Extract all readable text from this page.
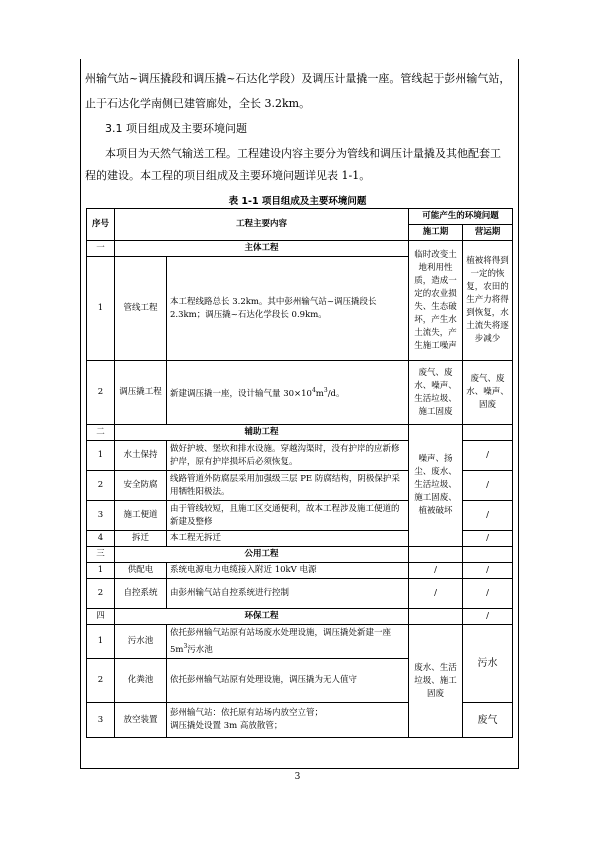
州输气站~调压撬段和调压撬~石达化学段）及调压计量撬一座。管线起于彭州输气站，
止于石达化学南侧已建管廊处，全长 3.2km。
3.1 项目组成及主要环境问题
本项目为天然气输送工程。工程建设内容主要分为管线和调压计量撬及其他配套工
程的建设。本工程的项目组成及主要环境问题详见表 1-1。
表 1-1 项目组成及主要环境问题
序号	工程主要内容		可能产生的环境问题	
			施工期	营运期
一	主体工程		临时改变土地利用性质，造成一定的农业损失、生态破坏，产生水土流失，产生施工噪声	植被将得到一定的恢复，农田的生产力将得到恢复，水土流失将逐步减少
1	管线工程	本工程线路总长 3.2km。其中彭州输气站~调压撬段长 2.3km；调压撬~石达化学段长 0.9km。		

2	调压撬工程	新建调压撬一座，设计输气量 $30\times 10^4m^3/d$。	废气、废水、噪声、生活垃圾、施工固废	废气、废水、噪声、固废
二	辅助工程		噪声、扬尘、废水、生活垃圾、施工固废、植被破坏	
1	水土保持	做好护坡、堡坎和排水设施。穿越沟渠时，没有护岸的应新修护岸，原有护岸损坏后必须恢复。		/
2	安全防腐	线路管道外防腐层采用加强级三层 PE 防腐结构，阴极保护采用牺牲阳极法。		/
3	施工便道	由于管线较短，且施工区交通便利，故本工程涉及施工便道的新建及整修		/
4	拆迁	本工程无拆迁		/
三	公用工程			
1	供配电	系统电源电力电缆接入附近 10kV 电源	/	/
2	自控系统	由彭州输气站自控系统进行控制	/	/
四	环保工程			/
1	污水池	依托彭州输气站原有站场废水处理设施，调压撬处新建一座 $5m^3$污水池	废水、生活垃圾、施工固废	污水
2	化粪池	依托彭州输气站原有处理设施，调压撬为无人值守		
3	放空装置	彭州输气站：依托原有站场内放空立管；
调压撬处设置 3m 高放散管；		废气
3
